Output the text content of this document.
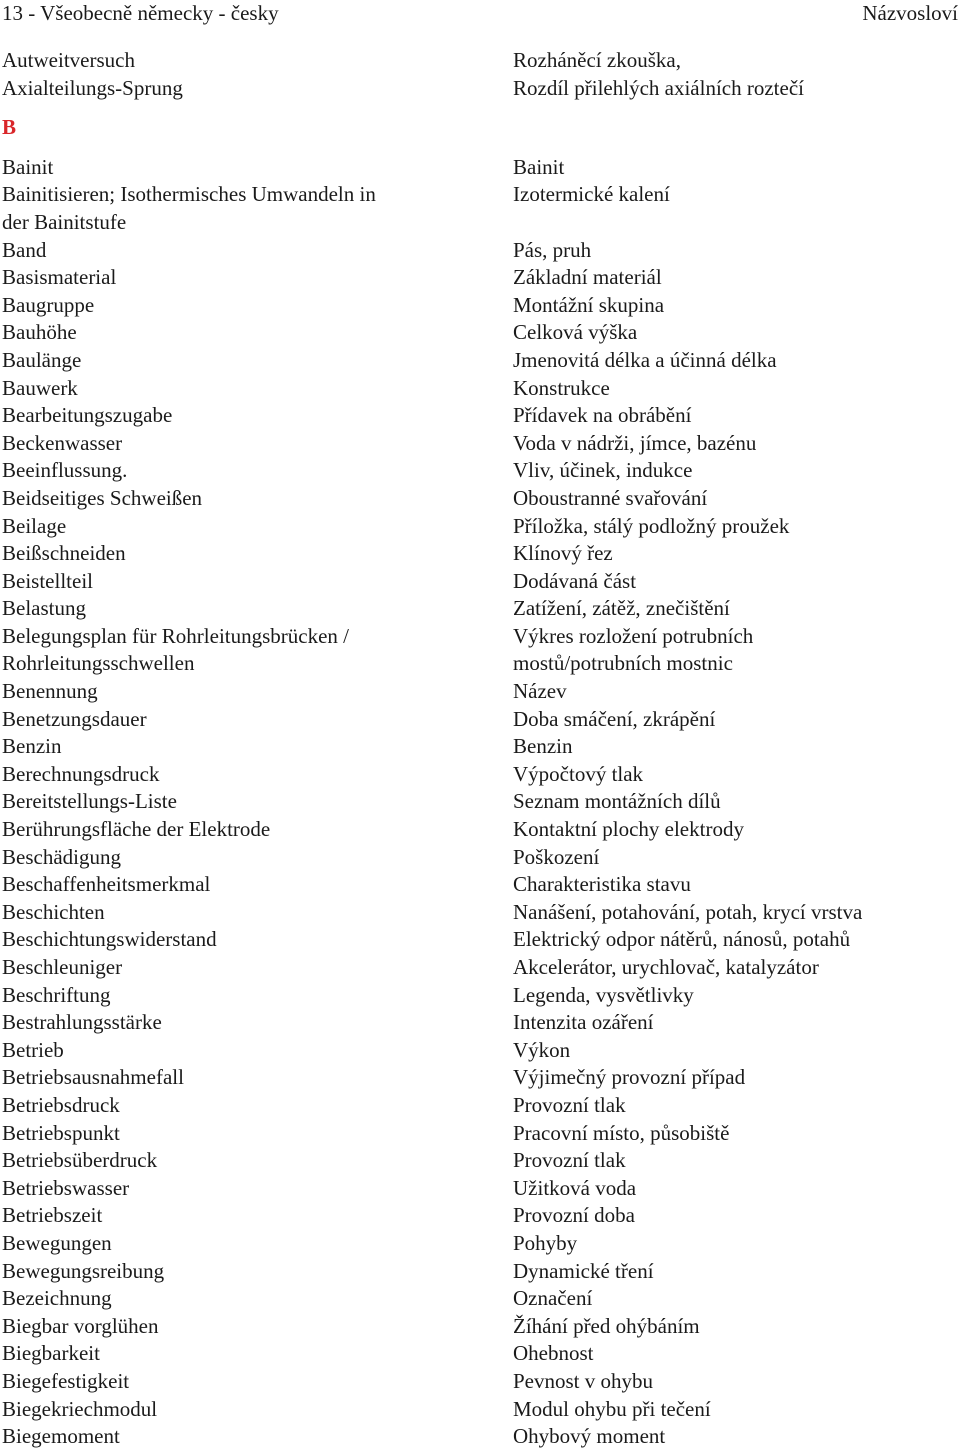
13 - Všeobecně německy - česky	Názvosloví
Autweitversuch	Rozháněcí zkouška,
Axialteilungs-Sprung	Rozdíl přilehlých axiálních roztečí
B
Bainit	Bainit
Bainitisieren; Isothermisches Umwandeln in	Izotermické kalení
der Bainitstufe
Band	Pás, pruh
Basismaterial	Základní materiál
Baugruppe	Montážní skupina
Bauhöhe	Celková výška
Baulänge	Jmenovitá délka a účinná délka
Bauwerk	Konstrukce
Bearbeitungszugabe	Přídavek na obrábění
Beckenwasser	Voda v nádrži, jímce, bazénu
Beeinflussung.	Vliv, účinek, indukce
Beidseitiges Schweißen	Oboustranné svařování
Beilage	Příložka, stálý podložný proužek
Beißschneiden	Klínový řez
Beistellteil	Dodávaná část
Belastung	Zatížení, zátěž, znečištění
Belegungsplan für Rohrleitungsbrücken /	Výkres rozložení potrubních
Rohrleitungsschwellen	mostů/potrubních mostnic
Benennung	Název
Benetzungsdauer	Doba smáčení, zkrápění
Benzin	Benzin
Berechnungsdruck	Výpočtový tlak
Bereitstellungs-Liste	Seznam montážních dílů
Berührungsfläche der Elektrode	Kontaktní plochy elektrody
Beschädigung	Poškození
Beschaffenheitsmerkmal	Charakteristika stavu
Beschichten	Nanášení, potahování, potah, krycí vrstva
Beschichtungswiderstand	Elektrický odpor nátěrů, nánosů, potahů
Beschleuniger	Akcelerátor, urychlovač, katalyzátor
Beschriftung	Legenda, vysvětlivky
Bestrahlungsstärke	Intenzita ozáření
Betrieb	Výkon
Betriebsausnahmefall	Výjimečný provozní případ
Betriebsdruck	Provozní tlak
Betriebspunkt	Pracovní místo, působiště
Betriebsüberdruck	Provozní tlak
Betriebswasser	Užitková voda
Betriebszeit	Provozní doba
Bewegungen	Pohyby
Bewegungsreibung	Dynamické tření
Bezeichnung	Označení
Biegbar vorglühen	Žíhání před ohýbáním
Biegbarkeit	Ohebnost
Biegefestigkeit	Pevnost v ohybu
Biegekriechmodul	Modul ohybu při tečení
Biegemoment	Ohybový moment
